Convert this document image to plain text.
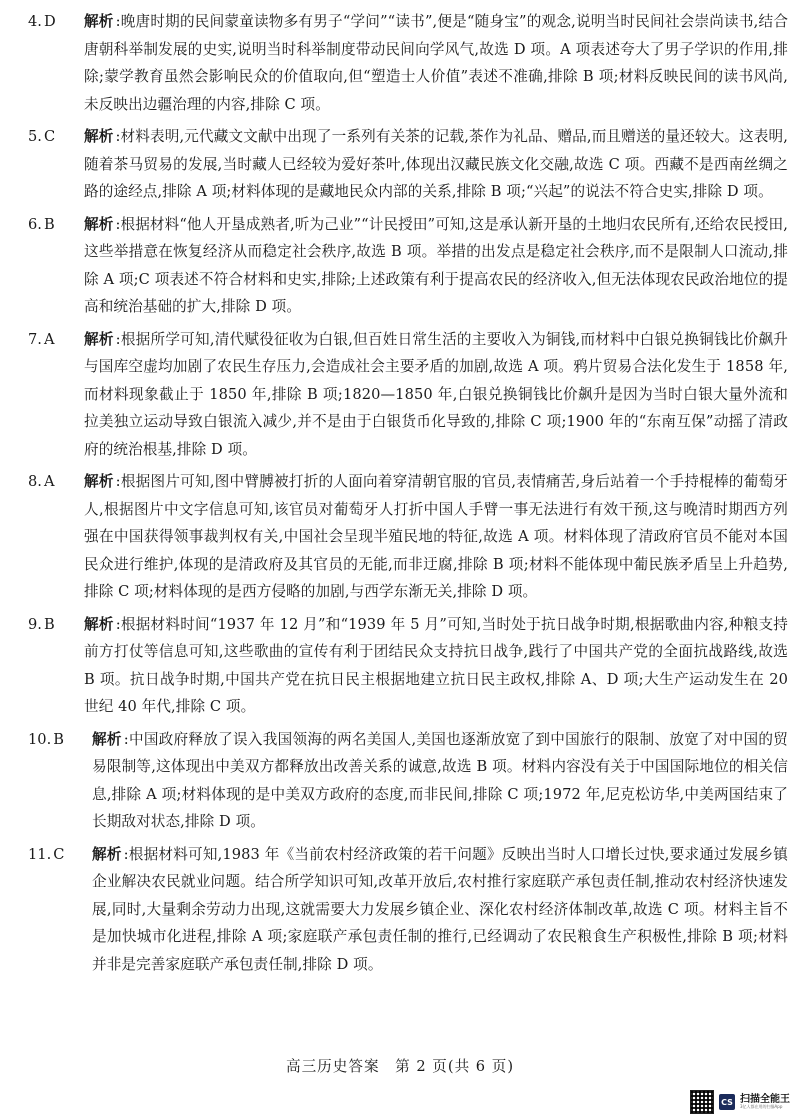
4. D 解析 :晚唐时期的民间蒙童读物多有男子“学问”“读书”,便是“随身宝”的观念,说明当时民间社会崇尚读书,结合唐朝科举制发展的史实,说明当时科举制度带动民间向学风气,故选 D 项。A 项表述夸大了男子学识的作用,排除;蒙学教育虽然会影响民众的价值取向,但“塑造士人价值”表述不准确,排除 B 项;材料反映民间的读书风尚,未反映出边疆治理的内容,排除 C 项。
5. C 解析 :材料表明,元代藏文文献中出现了一系列有关茶的记载,茶作为礼品、赠品,而且赠送的量还较大。这表明,随着茶马贸易的发展,当时藏人已经较为爱好茶叶,体现出汉藏民族文化交融,故选 C 项。西藏不是西南丝绸之路的途经点,排除 A 项;材料体现的是藏地民众内部的关系,排除 B 项;“兴起”的说法不符合史实,排除 D 项。
6. B 解析 :根据材料“他人开垦成熟者,听为己业”“计民授田”可知,这是承认新开垦的土地归农民所有,还给农民授田,这些举措意在恢复经济从而稳定社会秩序,故选 B 项。举措的出发点是稳定社会秩序,而不是限制人口流动,排除 A 项;C 项表述不符合材料和史实,排除;上述政策有利于提高农民的经济收入,但无法体现农民政治地位的提高和统治基础的扩大,排除 D 项。
7. A 解析 :根据所学可知,清代赋役征收为白银,但百姓日常生活的主要收入为铜钱,而材料中白银兑换铜钱比价飙升与国库空虚均加剧了农民生存压力,会造成社会主要矛盾的加剧,故选 A 项。鸦片贸易合法化发生于 1858 年,而材料现象截止于 1850 年,排除 B 项;1820—1850 年,白银兑换铜钱比价飙升是因为当时白银大量外流和拉美独立运动导致白银流入减少,并不是由于白银货币化导致的,排除 C 项;1900 年的“东南互保”动摇了清政府的统治根基,排除 D 项。
8. A 解析 :根据图片可知,图中臂膊被打折的人面向着穿清朝官服的官员,表情痛苦,身后站着一个手持棍棒的葡萄牙人,根据图片中文字信息可知,该官员对葡萄牙人打折中国人手臂一事无法进行有效干预,这与晚清时期西方列强在中国获得领事裁判权有关,中国社会呈现半殖民地的特征,故选 A 项。材料体现了清政府官员不能对本国民众进行维护,体现的是清政府及其官员的无能,而非迂腐,排除 B 项;材料不能体现中葡民族矛盾呈上升趋势,排除 C 项;材料体现的是西方侵略的加剧,与西学东渐无关,排除 D 项。
9. B 解析 :根据材料时间“1937 年 12 月”和“1939 年 5 月”可知,当时处于抗日战争时期,根据歌曲内容,种粮支持前方打仗等信息可知,这些歌曲的宣传有利于团结民众支持抗日战争,践行了中国共产党的全面抗战路线,故选 B 项。抗日战争时期,中国共产党在抗日民主根据地建立抗日民主政权,排除 A、D 项;大生产运动发生在 20 世纪 40 年代,排除 C 项。
10. B 解析 :中国政府释放了误入我国领海的两名美国人,美国也逐渐放宽了到中国旅行的限制、放宽了对中国的贸易限制等,这体现出中美双方都释放出改善关系的诚意,故选 B 项。材料内容没有关于中国国际地位的相关信息,排除 A 项;材料体现的是中美双方政府的态度,而非民间,排除 C 项;1972 年,尼克松访华,中美两国结束了长期敌对状态,排除 D 项。
11. C 解析 :根据材料可知,1983 年《当前农村经济政策的若干问题》反映出当时人口增长过快,要求通过发展乡镇企业解决农民就业问题。结合所学知识可知,改革开放后,农村推行家庭联产承包责任制,推动农村经济快速发展,同时,大量剩余劳动力出现,这就需要大力发展乡镇企业、深化农村经济体制改革,故选 C 项。材料主旨不是加快城市化进程,排除 A 项;家庭联产承包责任制的推行,已经调动了农民粮食生产积极性,排除 B 项;材料并非是完善家庭联产承包责任制,排除 D 项。
高三历史答案　第 2 页(共 6 页)
CS 扫描全能王
3亿人都在用的扫描App
